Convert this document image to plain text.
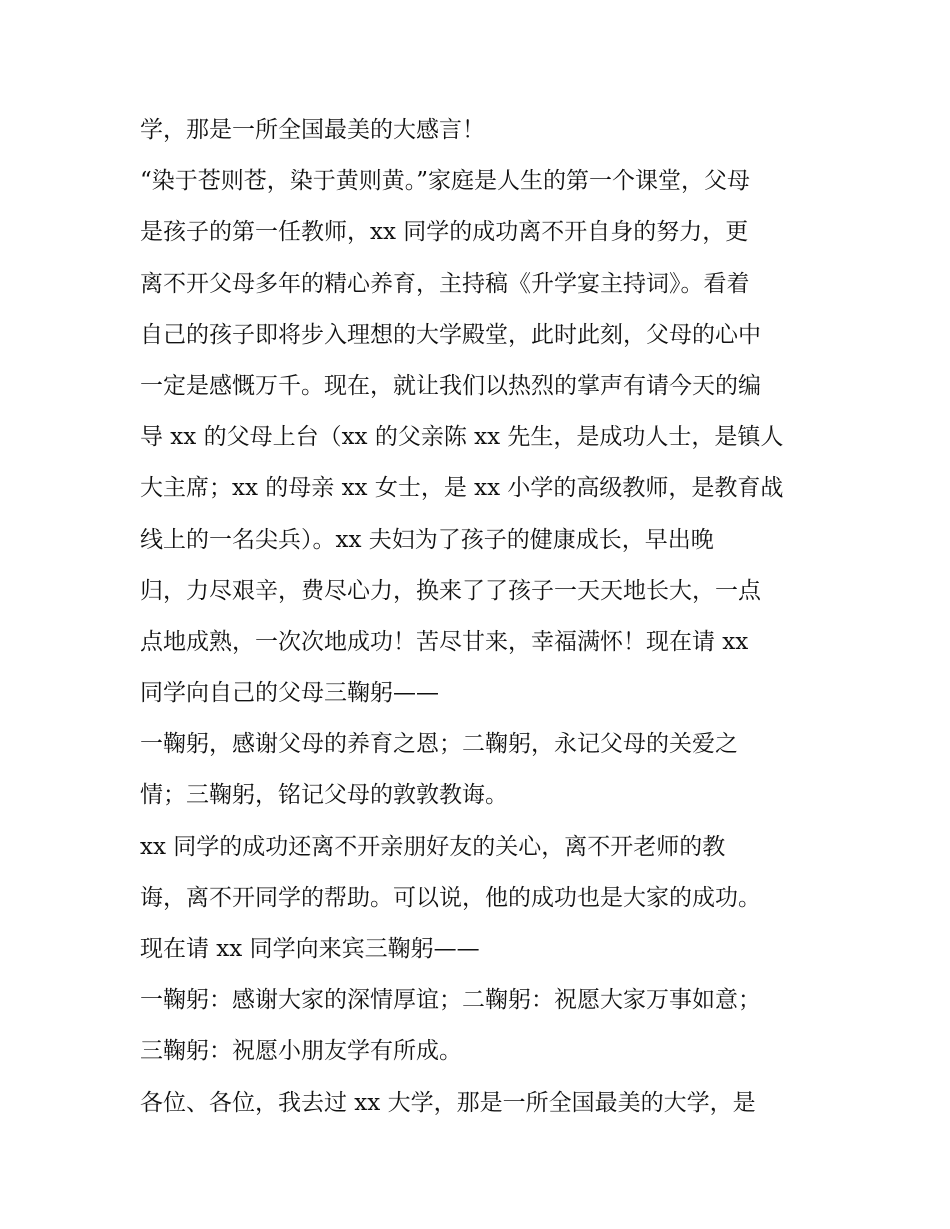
学，那是一所全国最美的大感言！
“染于苍则苍，染于黄则黄。”家庭是人生的第一个课堂，父母
是孩子的第一任教师，xx 同学的成功离不开自身的努力，更
离不开父母多年的精心养育，主持稿《升学宴主持词》。看着
自己的孩子即将步入理想的大学殿堂，此时此刻，父母的心中
一定是感慨万千。现在，就让我们以热烈的掌声有请今天的编
导 xx 的父母上台（xx 的父亲陈 xx 先生，是成功人士，是镇人
大主席；xx 的母亲 xx 女士，是 xx 小学的高级教师，是教育战
线上的一名尖兵）。xx 夫妇为了孩子的健康成长，早出晚
归，力尽艰辛，费尽心力，换来了了孩子一天天地长大，一点
点地成熟，一次次地成功！苦尽甘来，幸福满怀！现在请 xx
同学向自己的父母三鞠躬——
一鞠躬，感谢父母的养育之恩；二鞠躬，永记父母的关爱之
情；三鞠躬，铭记父母的敦敦教诲。
xx 同学的成功还离不开亲朋好友的关心，离不开老师的教
诲，离不开同学的帮助。可以说，他的成功也是大家的成功。
现在请 xx 同学向来宾三鞠躬——
一鞠躬：感谢大家的深情厚谊；二鞠躬：祝愿大家万事如意；
三鞠躬：祝愿小朋友学有所成。
各位、各位，我去过 xx 大学，那是一所全国最美的大学，是
